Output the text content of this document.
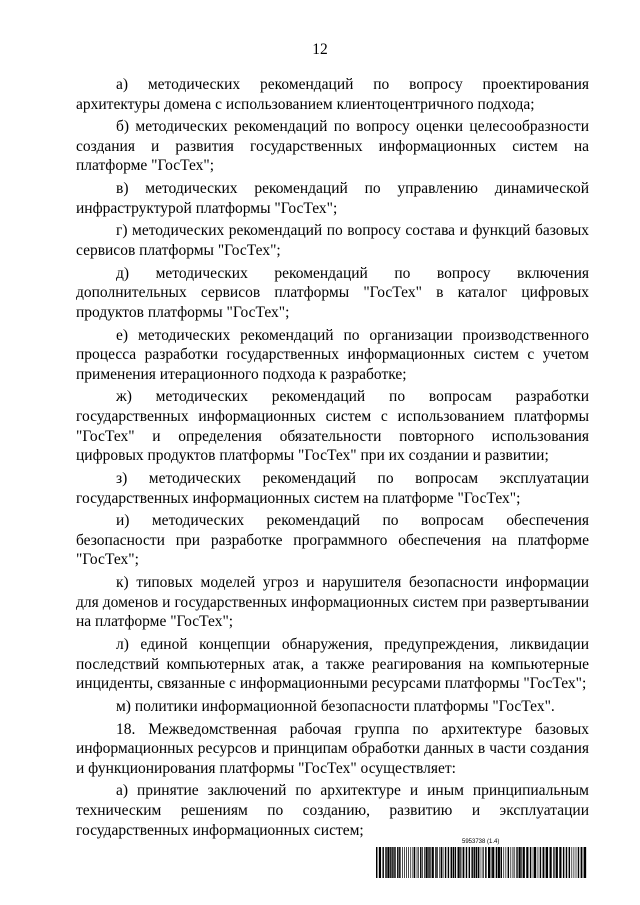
12

а) методических рекомендаций по вопросу проектирования архитектуры домена с использованием клиентоцентричного подхода;

б) методических рекомендаций по вопросу оценки целесообразности создания и развития государственных информационных систем на платформе "ГосТех";

в) методических рекомендаций по управлению динамической инфраструктурой платформы "ГосТех";

г) методических рекомендаций по вопросу состава и функций базовых сервисов платформы "ГосТех";

д) методических рекомендаций по вопросу включения дополнительных сервисов платформы "ГосТех" в каталог цифровых продуктов платформы "ГосТех";

е) методических рекомендаций по организации производственного процесса разработки государственных информационных систем с учетом применения итерационного подхода к разработке;

ж) методических рекомендаций по вопросам разработки государственных информационных систем с использованием платформы "ГосТех" и определения обязательности повторного использования цифровых продуктов платформы "ГосТех" при их создании и развитии;

з) методических рекомендаций по вопросам эксплуатации государственных информационных систем на платформе "ГосТех";

и) методических рекомендаций по вопросам обеспечения безопасности при разработке программного обеспечения на платформе "ГосТех";

к) типовых моделей угроз и нарушителя безопасности информации для доменов и государственных информационных систем при развертывании на платформе "ГосТех";

л) единой концепции обнаружения, предупреждения, ликвидации последствий компьютерных атак, а также реагирования на компьютерные инциденты, связанные с информационными ресурсами платформы "ГосТех";

м) политики информационной безопасности платформы "ГосТех".

18. Межведомственная рабочая группа по архитектуре базовых информационных ресурсов и принципам обработки данных в части создания и функционирования платформы "ГосТех" осуществляет:

а) принятие заключений по архитектуре и иным принципиальным техническим решениям по созданию, развитию и эксплуатации государственных информационных систем;

5953738 (1.4)
